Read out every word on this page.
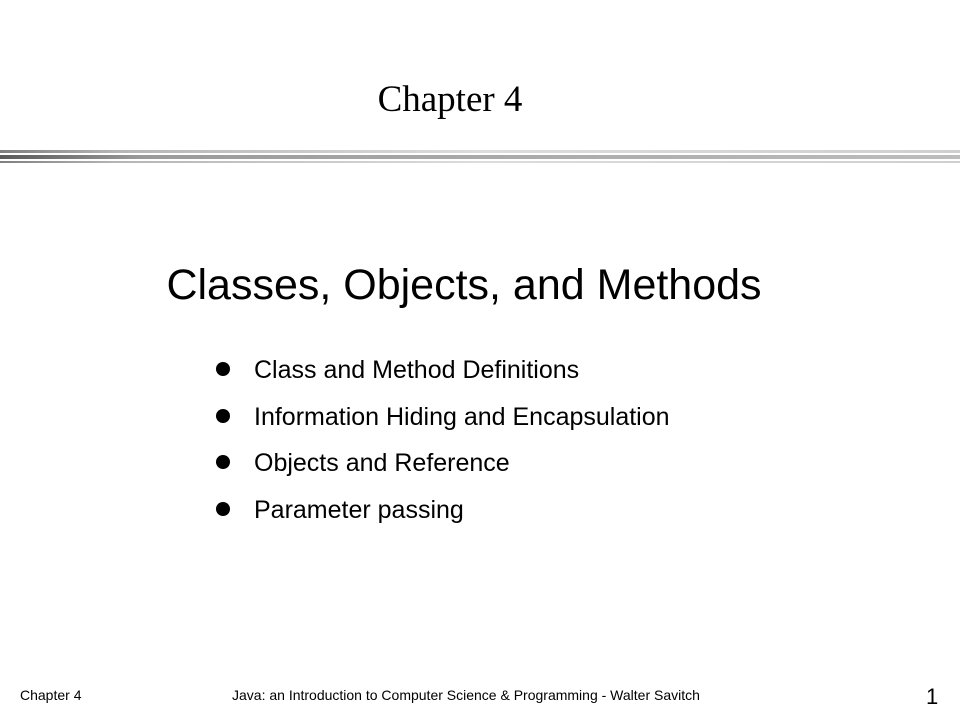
Chapter 4
Classes, Objects, and Methods
Class and Method Definitions
Information Hiding and Encapsulation
Objects and Reference
Parameter passing
Chapter 4	Java: an Introduction to Computer Science & Programming - Walter Savitch	1
